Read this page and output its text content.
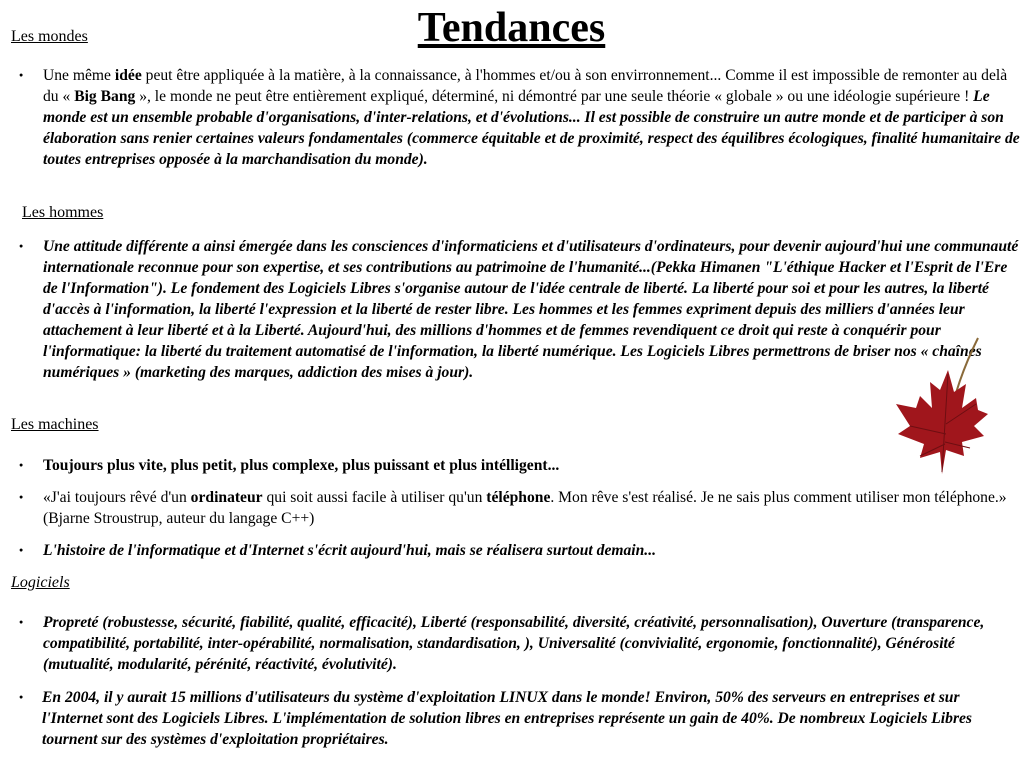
Tendances
Les mondes
● Une même idée peut être appliquée à la matière, à la connaissance, à l'hommes et/ou à son envirronnement... Comme il est impossible de remonter au delà du « Big Bang », le monde ne peut être entièrement expliqué, déterminé, ni démontré par une seule théorie « globale » ou une idéologie supérieure ! Le monde est un ensemble probable d'organisations, d'inter-relations, et d'évolutions... Il est possible de construire un autre monde et de participer à son élaboration sans renier certaines valeurs fondamentales (commerce équitable et de proximité, respect des équilibres écologiques, finalité humanitaire de toutes entreprises opposée à la marchandisation du monde).
Les hommes
● Une attitude différente a ainsi émergée dans les consciences d'informaticiens et d'utilisateurs d'ordinateurs, pour devenir aujourd'hui une communauté internationale reconnue pour son expertise, et ses contributions au patrimoine de l'humanité...(Pekka Himanen "L'éthique Hacker et l'Esprit de l'Ere de l'Information"). Le fondement des Logiciels Libres s'organise autour de l'idée centrale de liberté. La liberté pour soi et pour les autres, la liberté d'accès à l'information, la liberté l'expression et la liberté de rester libre. Les hommes et les femmes expriment depuis des milliers d'années leur attachement à leur liberté et à la Liberté. Aujourd'hui, des millions d'hommes et de femmes revendiquent ce droit qui reste à conquérir pour l'informatique: la liberté du traitement automatisé de l'information, la liberté numérique. Les Logiciels Libres permettrons de briser nos « chaînes numériques » (marketing des marques, addiction des mises à jour).
Les machines
● Toujours plus vite, plus petit, plus complexe, plus puissant et plus intélligent...
● «J'ai toujours rêvé d'un ordinateur qui soit aussi facile à utiliser qu'un téléphone. Mon rêve s'est réalisé. Je ne sais plus comment utiliser mon téléphone.» (Bjarne Stroustrup, auteur du langage C++)
● L'histoire de l'informatique et d'Internet s'écrit aujourd'hui, mais se réalisera surtout demain...
Logiciels
● Propreté (robustesse, sécurité, fiabilité, qualité, efficacité), Liberté (responsabilité, diversité, créativité, personnalisation), Ouverture (transparence, compatibilité, portabilité, inter-opérabilité, normalisation, standardisation, ), Universalité (convivialité, ergonomie, fonctionnalité), Générosité (mutualité, modularité, pérénité, réactivité, évolutivité).
● En 2004, il y aurait 15 millions d'utilisateurs du système d'exploitation LINUX dans le monde! Environ, 50% des serveurs en entreprises et sur l'Internet sont des Logiciels Libres. L'implémentation de solution libres en entreprises représente un gain de 40%. De nombreux Logiciels Libres tournent sur des systèmes d'exploitation propriétaires.
